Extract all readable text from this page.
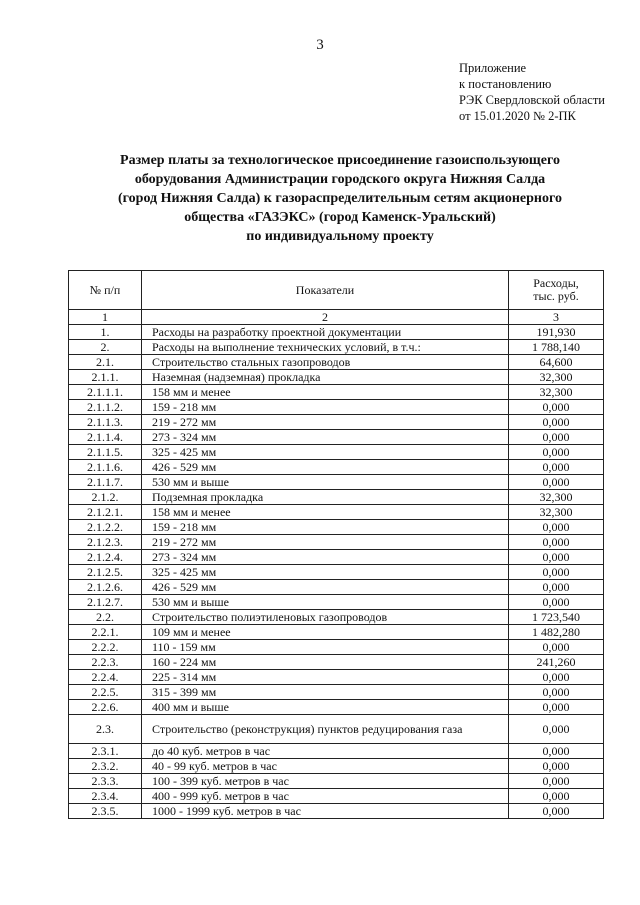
3
Приложение
к постановлению
РЭК Свердловской области
от 15.01.2020 № 2-ПК
Размер платы за технологическое присоединение газоиспользующего
оборудования Администрации городского округа Нижняя Салда
(город Нижняя Салда) к газораспределительным сетям акционерного
общества «ГАЗЭКС» (город Каменск-Уральский)
по индивидуальному проекту
№ п/п	Показатели	Расходы,
тыс. руб.
1	2	3
1.	Расходы на разработку проектной документации	191,930
2.	Расходы на выполнение технических условий, в т.ч.:	1 788,140
2.1.	Строительство стальных газопроводов	64,600
2.1.1.	Наземная (надземная) прокладка	32,300
2.1.1.1.	158 мм и менее	32,300
2.1.1.2.	159 - 218 мм	0,000
2.1.1.3.	219 - 272 мм	0,000
2.1.1.4.	273 - 324 мм	0,000
2.1.1.5.	325 - 425 мм	0,000
2.1.1.6.	426 - 529 мм	0,000
2.1.1.7.	530 мм и выше	0,000
2.1.2.	Подземная прокладка	32,300
2.1.2.1.	158 мм и менее	32,300
2.1.2.2.	159 - 218 мм	0,000
2.1.2.3.	219 - 272 мм	0,000
2.1.2.4.	273 - 324 мм	0,000
2.1.2.5.	325 - 425 мм	0,000
2.1.2.6.	426 - 529 мм	0,000
2.1.2.7.	530 мм и выше	0,000
2.2.	Строительство полиэтиленовых газопроводов	1 723,540
2.2.1.	109 мм и менее	1 482,280
2.2.2.	110 - 159 мм	0,000
2.2.3.	160 - 224 мм	241,260
2.2.4.	225 - 314 мм	0,000
2.2.5.	315 - 399 мм	0,000
2.2.6.	400 мм и выше	0,000
2.3.	Строительство (реконструкция) пунктов редуцирования газа	0,000
2.3.1.	до 40 куб. метров в час	0,000
2.3.2.	40 - 99 куб. метров в час	0,000
2.3.3.	100 - 399 куб. метров в час	0,000
2.3.4.	400 - 999 куб. метров в час	0,000
2.3.5.	1000 - 1999 куб. метров в час	0,000
